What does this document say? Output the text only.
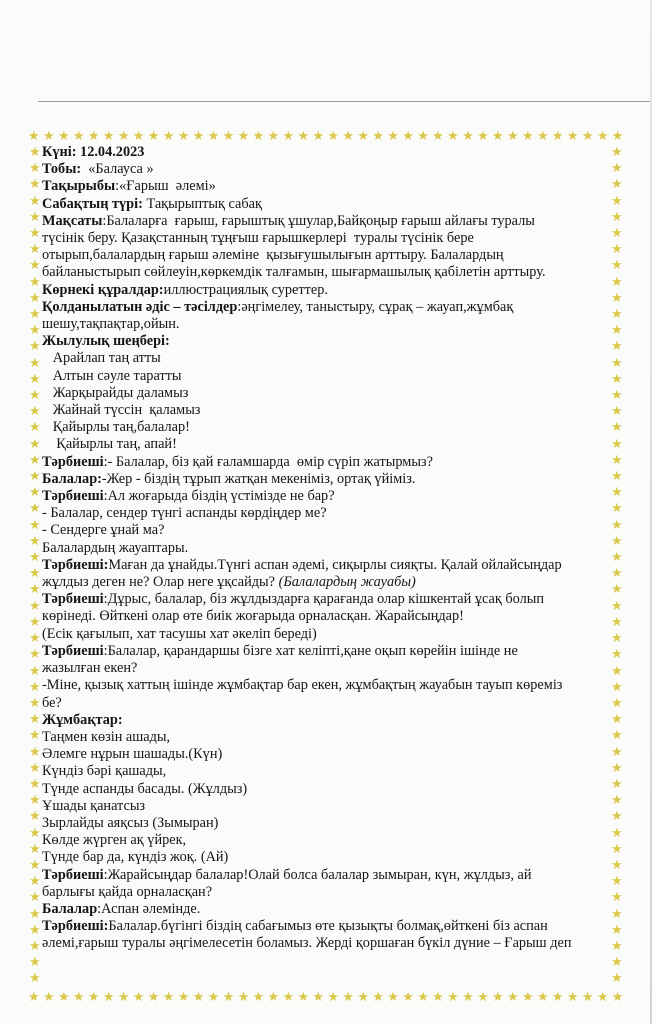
★ ★ ★ ★ ★ ★ ★ ★ ★ ★ ★ ★ ★ ★ ★ ★ ★ ★ ★ ★ ★ ★ ★ ★ ★ ★ ★ ★ ★ ★ ★ ★ ★ ★ ★ ★ ★ ★ ★ ★
★ ★ ★ ★ ★ ★ ★ ★ ★ ★ ★ ★ ★ ★ ★ ★ ★ ★ ★ ★ ★ ★ ★ ★ ★ ★ ★ ★ ★ ★ ★ ★ ★ ★ ★ ★ ★ ★ ★ ★
★
★
★
★
★
★
★
★
★
★
★
★
★
★
★
★
★
★
★
★
★
★
★
★
★
★
★
★
★
★
★
★
★
★
★
★
★
★
★
★
★
★
★
★
★
★
★
★
★
★
★
★
★
★
★
★
★
★
★
★
★
★
★
★
★
★
★
★
★
★
★
★
★
★
★
★
★
★
★
★
★
★
★
★
★
★
★
★
★
★
★
★
★
★
★
★
★
★
★
★
★
★
★
★
Күні: 12.04.2023
Тобы:  «Балауса »
Тақырыбы:«Ғарыш  әлемі»
Сабақтың түрі: Тақырыптық сабақ
Мақсаты:Балаларға  ғарыш, ғарыштық ұшулар,Байқоңыр ғарыш айлағы туралы
түсінік беру. Қазақстанның тұңғыш ғарышкерлері  туралы түсінік бере
отырып,балалардың ғарыш әлеміне  қызығушылығын арттыру. Балалардың
байланыстырып сөйлеуін,көркемдік талғамын, шығармашылық қабілетін арттыру.
Көрнекі құралдар:иллюстрациялық суреттер.
Қолданылатын әдіс – тәсілдер:әңгімелеу, таныстыру, сұрақ – жауап,жұмбақ
шешу,тақпақтар,ойын.
Жылулық шеңбері:
Арайлап таң атты
Алтын сәуле таратты
Жарқырайды даламыз
Жайнай түссін  қаламыз
Қайырлы таң,балалар!
Қайырлы таң, апай!
Тәрбиеші:- Балалар, біз қай ғаламшарда  өмір сүріп жатырмыз?
Балалар:-Жер - біздің тұрып жатқан мекеніміз, ортақ үйіміз.
Тәрбиеші:Ал жоғарыда біздің үстімізде не бар?
- Балалар, сендер түнгі аспанды көрдіңдер ме?
- Сендерге ұнай ма?
Балалардың жауаптары.
Тәрбиеші:Маған да ұнайды.Түнгі аспан әдемі, сиқырлы сияқты. Қалай ойлайсыңдар
жұлдыз деген не? Олар неге ұқсайды? (Балалардың жауабы)
Тәрбиеші:Дұрыс, балалар, біз жұлдыздарға қарағанда олар кішкентай ұсақ болып
көрінеді. Өйткені олар өте биік жоғарыда орналасқан. Жарайсыңдар!
(Есік қағылып, хат тасушы хат әкеліп береді)
Тәрбиеші:Балалар, қарандаршы бізге хат келіпті,қане оқып көрейін ішінде не
жазылған екен?
-Міне, қызық хаттың ішінде жұмбақтар бар екен, жұмбақтың жауабын тауып көреміз
бе?
Жұмбақтар:
Таңмен көзін ашады,
Әлемге нұрын шашады.(Күн)
Күндіз бәрі қашады,
Түнде аспанды басады. (Жұлдыз)
Ұшады қанатсыз
Зырлайды аяқсыз (Зымыран)
Көлде жүрген ақ үйрек,
Түнде бар да, күндіз жоқ. (Ай)
Тәрбиеші:Жарайсыңдар балалар!Олай болса балалар зымыран, күн, жұлдыз, ай
барлығы қайда орналасқан?
Балалар:Аспан әлемінде.
Тәрбиеші:Балалар.бүгінгі біздің сабағымыз өте қызықты болмақ,өйткені біз аспан
әлемі,ғарыш туралы әңгімелесетін боламыз. Жерді қоршаған бүкіл дүние – Ғарыш деп
